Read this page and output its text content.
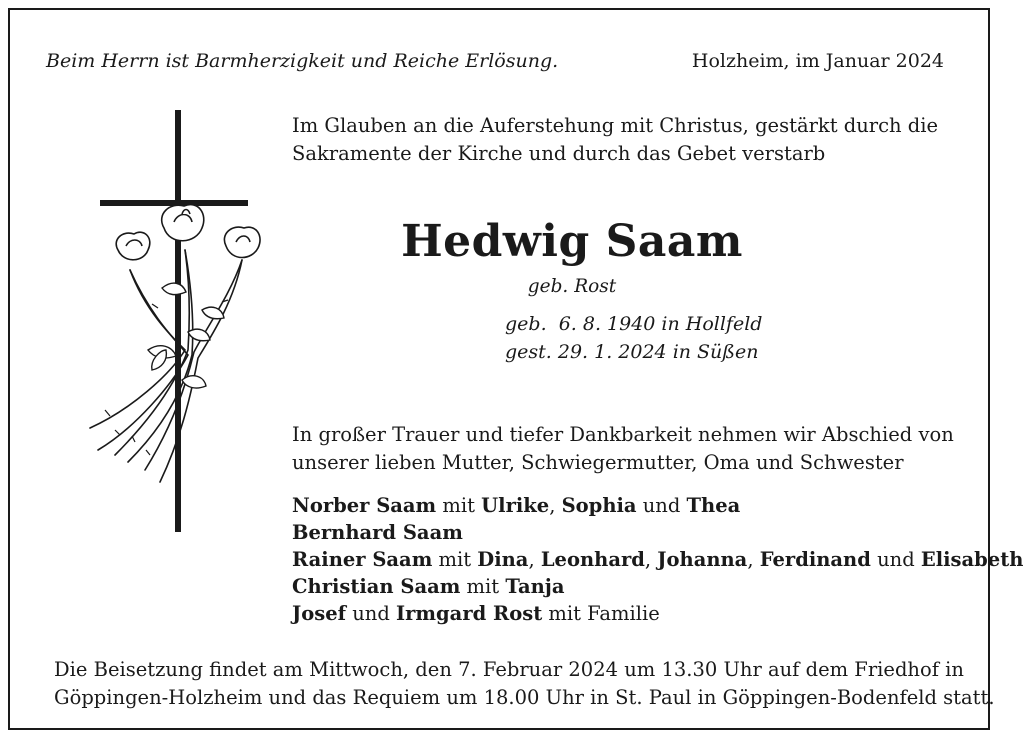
Beim Herrn ist Barmherzigkeit und Reiche Erlösung.	Holzheim, im Januar 2024
Im Glauben an die Auferstehung mit Christus, gestärkt durch die
Sakramente der Kirche und durch das Gebet verstarb
Hedwig Saam
geb. Rost
geb.  6. 8. 1940 in Hollfeld
gest. 29. 1. 2024 in Süßen
In großer Trauer und tiefer Dankbarkeit nehmen wir Abschied von
unserer lieben Mutter, Schwiegermutter, Oma und Schwester
Norber Saam mit Ulrike, Sophia und Thea
Bernhard Saam
Rainer Saam mit Dina, Leonhard, Johanna, Ferdinand und Elisabeth
Christian Saam mit Tanja
Josef und Irmgard Rost mit Familie
Die Beisetzung findet am Mittwoch, den 7. Februar 2024 um 13.30 Uhr auf dem Friedhof in
Göppingen-Holzheim und das Requiem um 18.00 Uhr in St. Paul in Göppingen-Bodenfeld statt.
